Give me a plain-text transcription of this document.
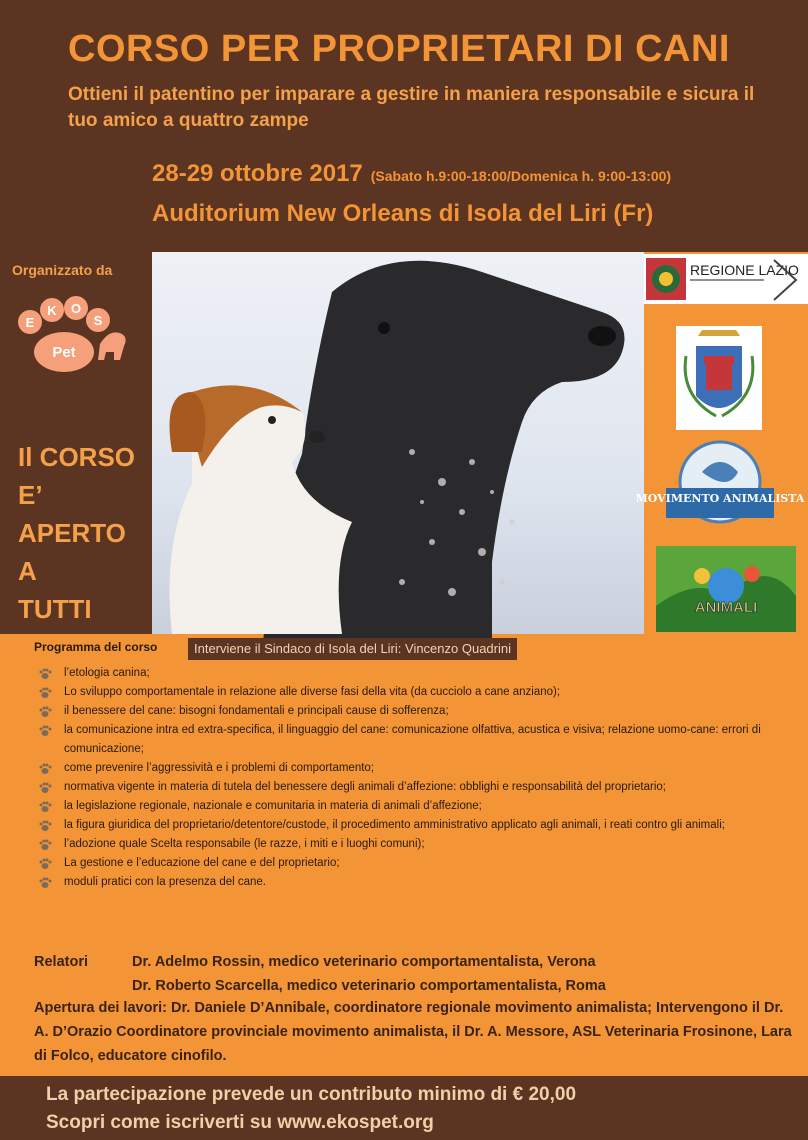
CORSO PER PROPRIETARI DI CANI
Ottieni il patentino per imparare a gestire in maniera responsabile e sicura il tuo amico a quattro zampe
28-29 ottobre 2017 (Sabato h.9:00-18:00/Domenica h. 9:00-13:00)
Auditorium New Orleans di Isola del Liri (Fr)
Organizzato da
E
K O
S
Pet
Il CORSO
E’
APERTO
A
TUTTI
REGIONE LAZIO
MOVIMENTO ANIMALISTA
ANIMALI
Programma del corso	Interviene il Sindaco di Isola del Liri: Vincenzo Quadrini
l’etologia canina;
Lo sviluppo comportamentale in relazione alle diverse fasi della vita (da cucciolo a cane anziano);
il benessere del cane: bisogni fondamentali e principali cause di sofferenza;
la comunicazione intra ed extra-specifica, il linguaggio del cane: comunicazione olfattiva, acustica e visiva; relazione uomo-cane: errori di comunicazione;
come prevenire l’aggressività e i problemi di comportamento;
normativa vigente in materia di tutela del benessere degli animali d’affezione: obblighi e responsabilità del proprietario;
la legislazione regionale, nazionale e comunitaria in materia di animali d’affezione;
la figura giuridica del proprietario/detentore/custode, il procedimento amministrativo applicato agli animali, i reati contro gli animali;
l’adozione quale Scelta responsabile (le razze, i miti e i luoghi comuni);
La gestione e l’educazione del cane e del proprietario;
moduli pratici con la presenza del cane.
Relatori	Dr. Adelmo Rossin, medico veterinario comportamentalista, Verona
Dr. Roberto Scarcella, medico veterinario comportamentalista, Roma
Apertura dei lavori: Dr. Daniele D’Annibale, coordinatore regionale movimento animalista; Intervengono il Dr. A. D’Orazio Coordinatore provinciale movimento animalista, il Dr. A. Messore, ASL Veterinaria Frosinone, Lara di Folco, educatore cinofilo.
La partecipazione prevede un contributo minimo di € 20,00
Scopri come iscriverti su www.ekospet.org
